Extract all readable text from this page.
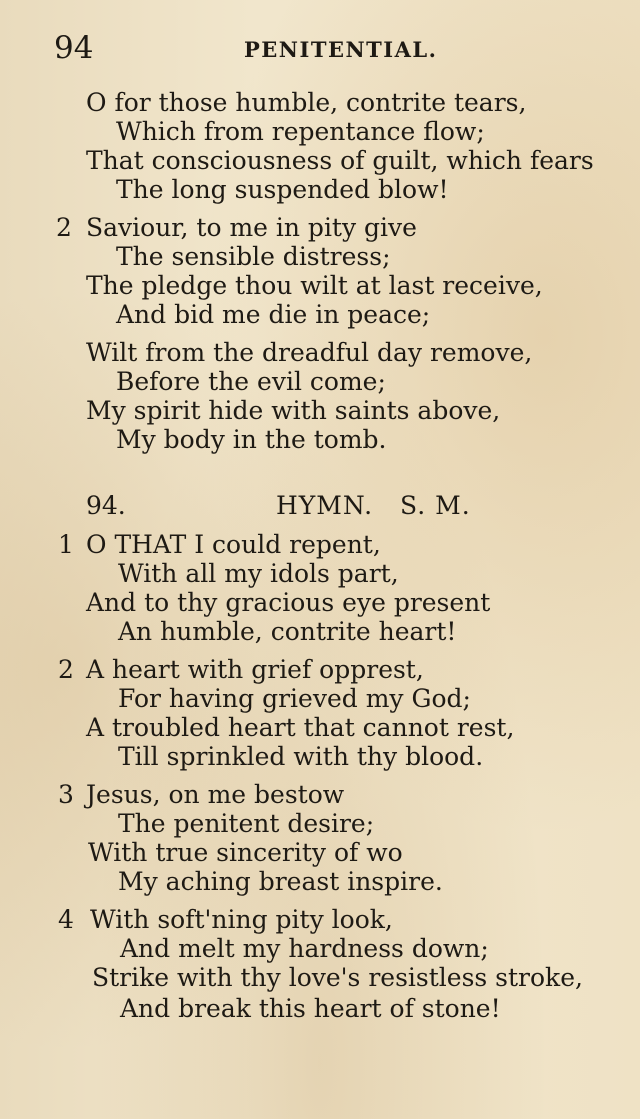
94	PENITENTIAL.
O for those humble, contrite tears,
Which from repentance flow;
That consciousness of guilt, which fears
The long suspended blow!
2 Saviour, to me in pity give
The sensible distress;
The pledge thou wilt at last receive,
And bid me die in peace;
Wilt from the dreadful day remove,
Before the evil come;
My spirit hide with saints above,
My body in the tomb.
94.	HYMN.   S. M.
1 O THAT I could repent,
With all my idols part,
And to thy gracious eye present
An humble, contrite heart!
2 A heart with grief opprest,
For having grieved my God;
A troubled heart that cannot rest,
Till sprinkled with thy blood.
3 Jesus, on me bestow
The penitent desire;
With true sincerity of wo
My aching breast inspire.
4 With soft'ning pity look,
And melt my hardness down;
Strike with thy love's resistless stroke,
And break this heart of stone!
